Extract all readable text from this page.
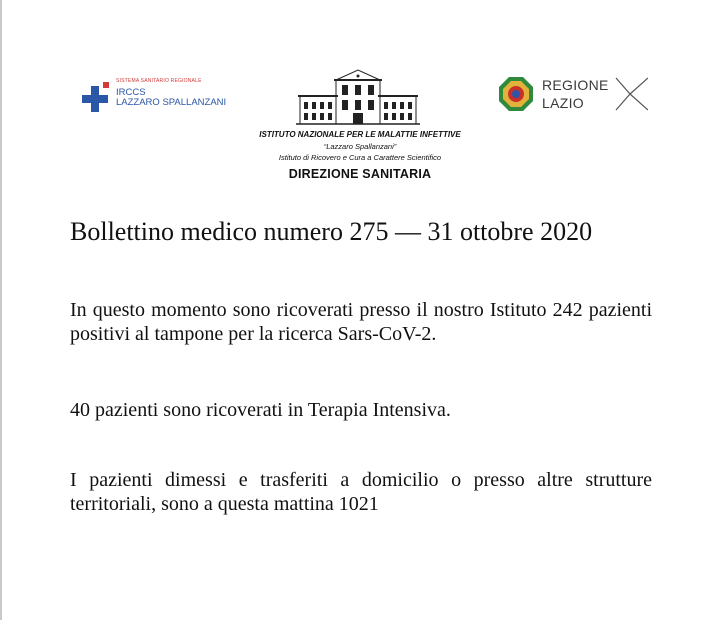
SISTEMA SANITARIO REGIONALE
IRCCS
LAZZARO SPALLANZANI
REGIONE
LAZIO
ISTITUTO NAZIONALE PER LE MALATTIE INFETTIVE
“Lazzaro Spallanzani”
Istituto di Ricovero e Cura a Carattere Scientifico
DIREZIONE SANITARIA
Bollettino medico numero 275 — 31 ottobre 2020

In questo momento sono ricoverati presso il nostro Istituto 242 pazienti positivi al tampone per la ricerca Sars-CoV-2.

40 pazienti sono ricoverati in Terapia Intensiva.

I pazienti dimessi e trasferiti a domicilio o presso altre strutture territoriali, sono a questa mattina 1021
